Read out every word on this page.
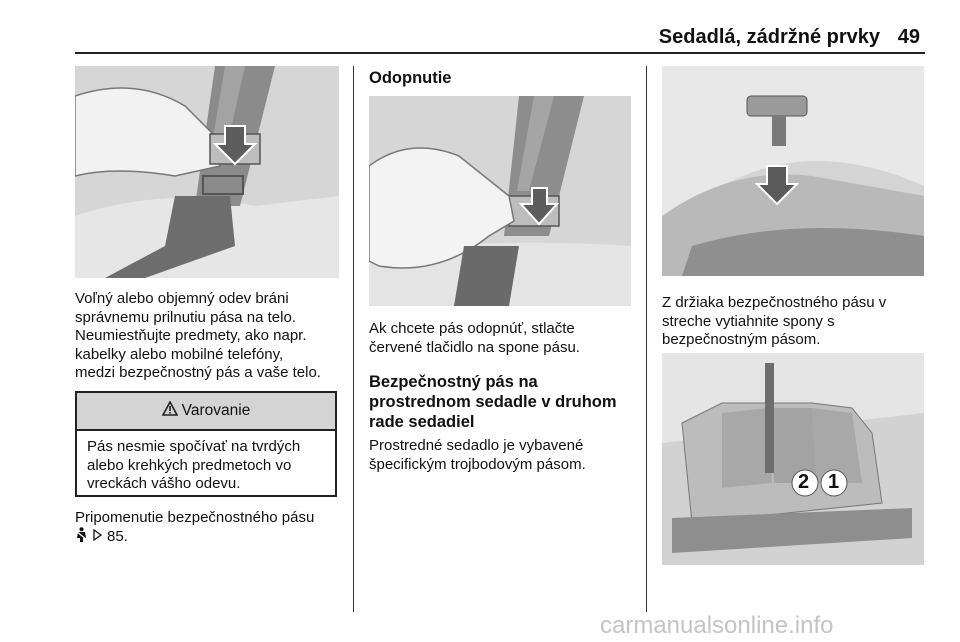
Sedadlá, zádržné prvky 49

Voľný alebo objemný odev bráni
správnemu prilnutiu pása na telo.
Neumiestňujte predmety, ako napr.
kabelky alebo mobilné telefóny,
medzi bezpečnostný pás a vaše telo.

Varovanie
Pás nesmie spočívať na tvrdých
alebo krehkých predmetoch vo
vreckách vášho odevu.

Pripomenutie bezpečnostného pásu

85.

Odopnutie

Ak chcete pás odopnúť, stlačte
červené tlačidlo na spone pásu.

Bezpečnostný pás na
prostrednom sedadle v druhom
rade sedadiel

Prostredné sedadlo je vybavené
špecifickým trojbodovým pásom.

Z držiaka bezpečnostného pásu v
streche vytiahnite spony s
bezpečnostným pásom.

2 1
carmanualsonline.info
